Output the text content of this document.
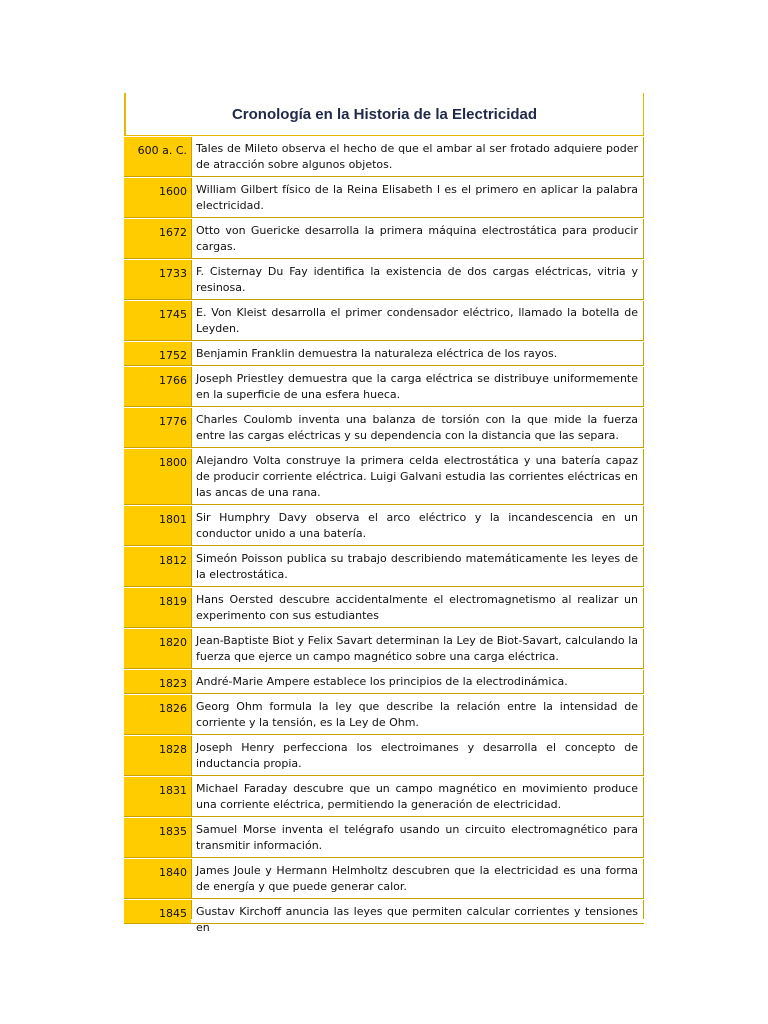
Cronología en la Historia de la Electricidad
600 a. C. Tales de Mileto observa el hecho de que el ambar al ser frotado adquiere poder de atracción sobre algunos objetos.
1600 William Gilbert físico de la Reina Elisabeth I es el primero en aplicar la palabra electricidad.
1672 Otto von Guericke desarrolla la primera máquina electrostática para producir cargas.
1733 F. Cisternay Du Fay identifica la existencia de dos cargas eléctricas, vitria y resinosa.
1745 E. Von Kleist desarrolla el primer condensador eléctrico, llamado la botella de Leyden.
1752 Benjamin Franklin demuestra la naturaleza eléctrica de los rayos.
1766 Joseph Priestley demuestra que la carga eléctrica se distribuye uniformemente en la superficie de una esfera hueca.
1776 Charles Coulomb inventa una balanza de torsión con la que mide la fuerza entre las cargas eléctricas y su dependencia con la distancia que las separa.
1800 Alejandro Volta construye la primera celda electrostática y una batería capaz de producir corriente eléctrica. Luigi Galvani estudia las corrientes eléctricas en las ancas de una rana.
1801 Sir Humphry Davy observa el arco eléctrico y la incandescencia en un conductor unido a una batería.
1812 Simeón Poisson publica su trabajo describiendo matemáticamente les leyes de la electrostática.
1819 Hans Oersted descubre accidentalmente el electromagnetismo al realizar un experimento con sus estudiantes
1820 Jean-Baptiste Biot y Felix Savart determinan la Ley de Biot-Savart, calculando la fuerza que ejerce un campo magnético sobre una carga eléctrica.
1823 André-Marie Ampere establece los principios de la electrodinámica.
1826 Georg Ohm formula la ley que describe la relación entre la intensidad de corriente y la tensión, es la Ley de Ohm.
1828 Joseph Henry perfecciona los electroimanes y desarrolla el concepto de inductancia propia.
1831 Michael Faraday descubre que un campo magnético en movimiento produce una corriente eléctrica, permitiendo la generación de electricidad.
1835 Samuel Morse inventa el telégrafo usando un circuito electromagnético para transmitir información.
1840 James Joule y Hermann Helmholtz descubren que la electricidad es una forma de energía y que puede generar calor.
1845 Gustav Kirchoff anuncia las leyes que permiten calcular corrientes y tensiones en
